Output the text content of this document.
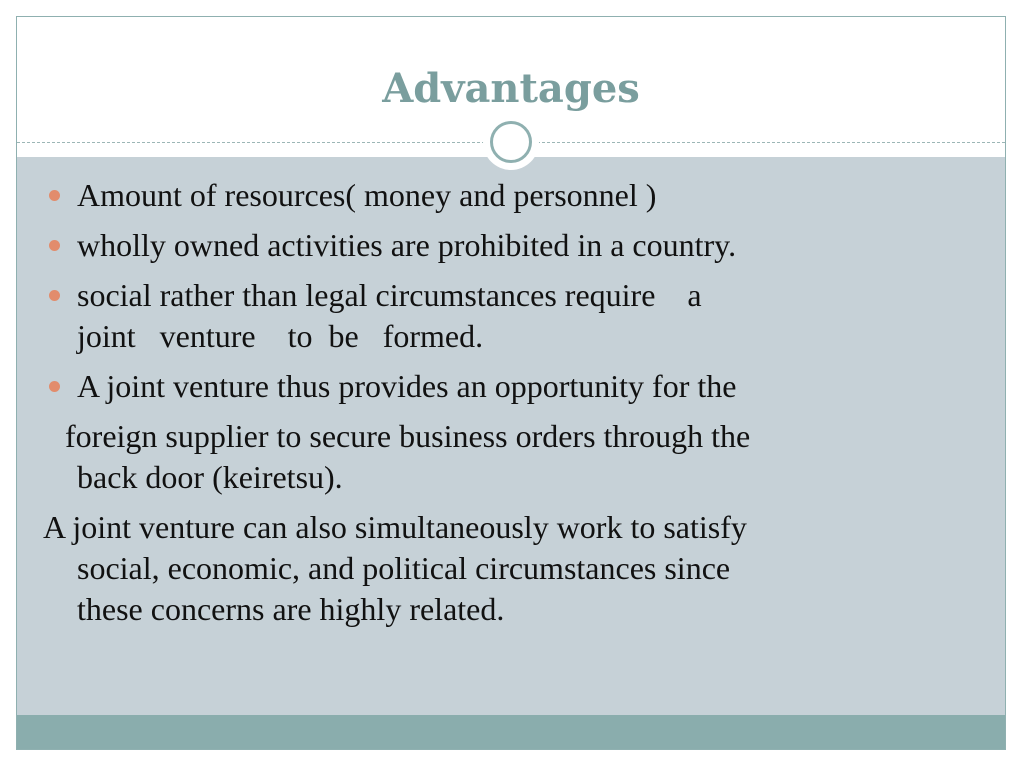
Advantages
Amount of resources( money and personnel )
wholly owned activities are prohibited in a country.
social rather than legal circumstances require    a
joint   venture    to  be   formed.
A joint venture thus provides an opportunity for the
foreign supplier to secure business orders through the
back door (keiretsu).
A joint venture can also simultaneously work to satisfy
social, economic, and political circumstances since
these concerns are highly related.
